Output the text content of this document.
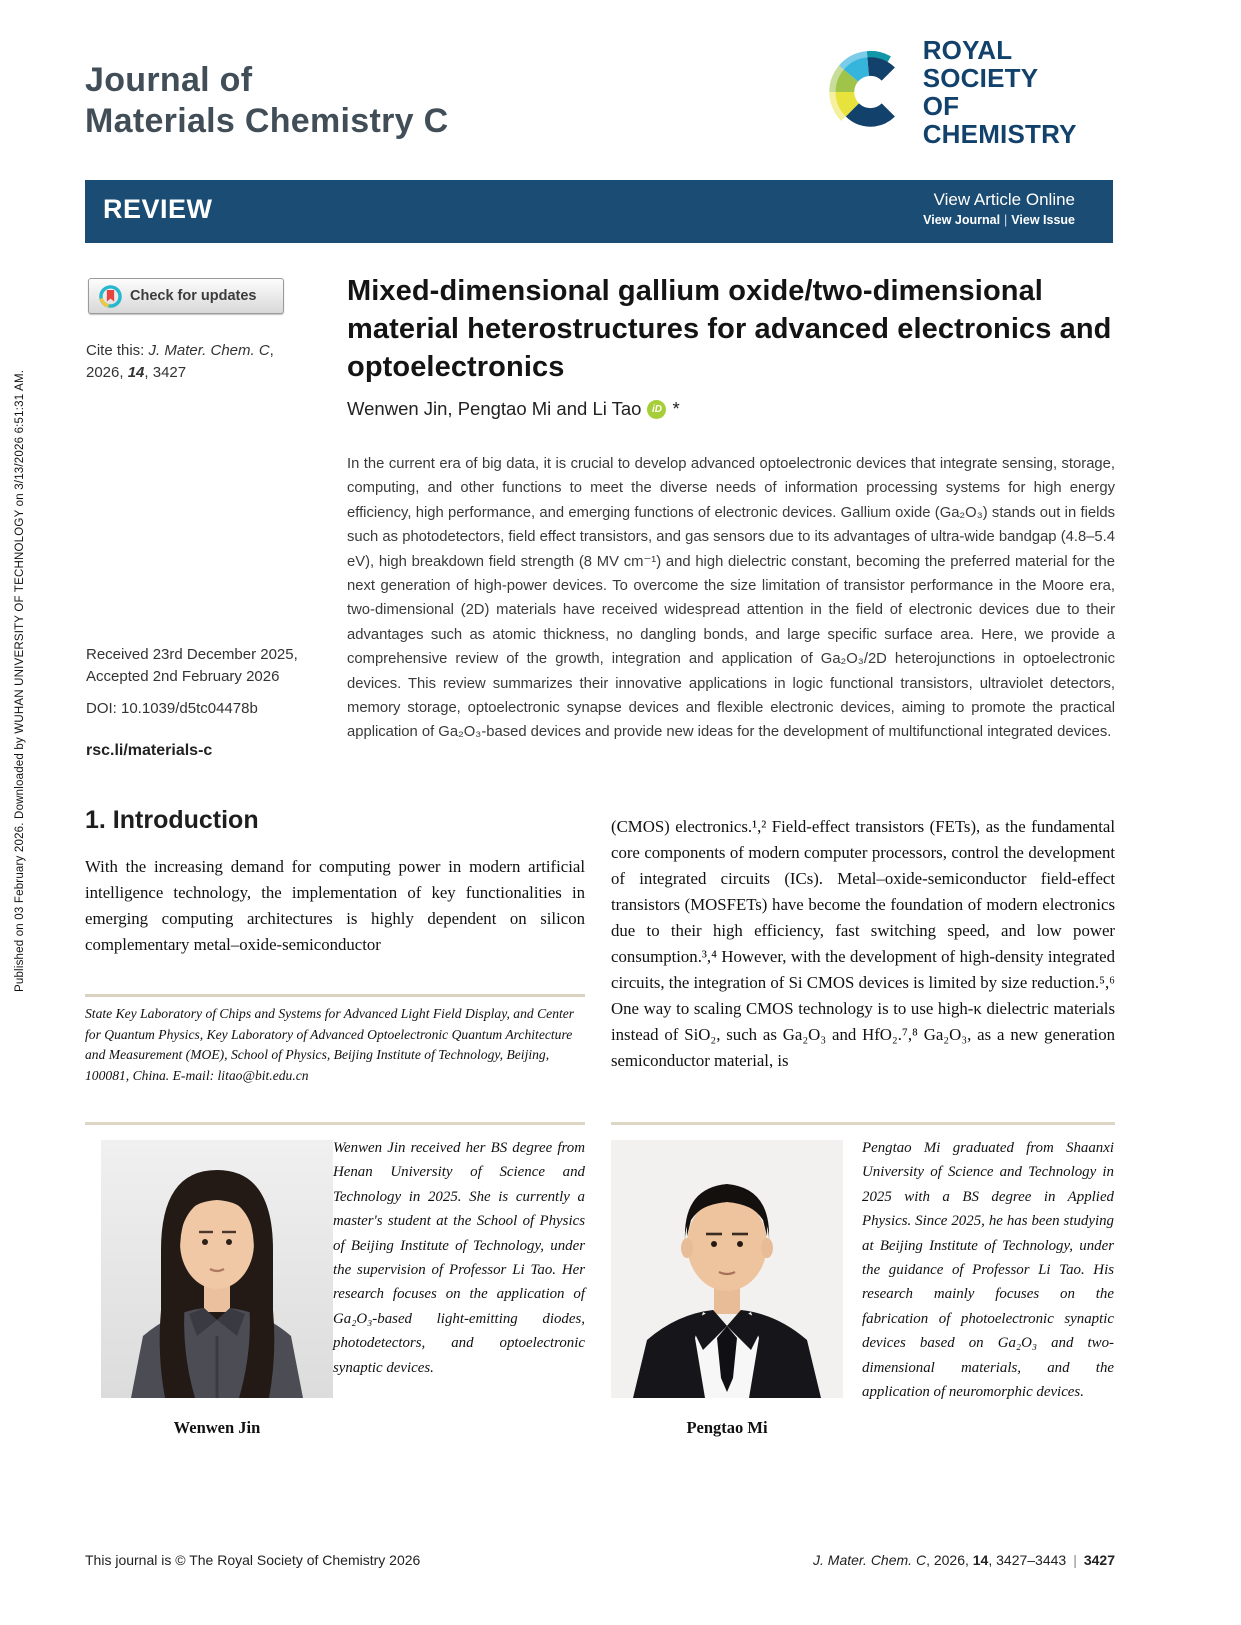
Published on 03 February 2026. Downloaded by WUHAN UNIVERSITY OF TECHNOLOGY on 3/13/2026 6:51:31 AM.
Journal of
Materials Chemistry C
ROYAL SOCIETY
OF CHEMISTRY
REVIEW	View Article Online
View Journal | View Issue
Check for updates
Cite this: J. Mater. Chem. C, 2026, 14, 3427
Received 23rd December 2025,
Accepted 2nd February 2026
DOI: 10.1039/d5tc04478b
rsc.li/materials-c
Mixed-dimensional gallium oxide/two-dimensional material heterostructures for advanced electronics and optoelectronics
Wenwen Jin, Pengtao Mi and Li Tao	iD *

In the current era of big data, it is crucial to develop advanced optoelectronic devices that integrate sensing, storage, computing, and other functions to meet the diverse needs of information processing systems for high energy efficiency, high performance, and emerging functions of electronic devices. Gallium oxide (Ga₂O₃) stands out in fields such as photodetectors, field effect transistors, and gas sensors due to its advantages of ultra-wide bandgap (4.8–5.4 eV), high breakdown field strength (8 MV cm⁻¹) and high dielectric constant, becoming the preferred material for the next generation of high-power devices. To overcome the size limitation of transistor performance in the Moore era, two-dimensional (2D) materials have received widespread attention in the field of electronic devices due to their advantages such as atomic thickness, no dangling bonds, and large specific surface area. Here, we provide a comprehensive review of the growth, integration and application of Ga₂O₃/2D heterojunctions in optoelectronic devices. This review summarizes their innovative applications in logic functional transistors, ultraviolet detectors, memory storage, optoelectronic synapse devices and flexible electronic devices, aiming to promote the practical application of Ga₂O₃-based devices and provide new ideas for the development of multifunctional integrated devices.

1. Introduction

With the increasing demand for computing power in modern artificial intelligence technology, the implementation of key functionalities in emerging computing architectures is highly dependent on silicon complementary metal–oxide-semiconductor

(CMOS) electronics.¹,² Field-effect transistors (FETs), as the fundamental core components of modern computer processors, control the development of integrated circuits (ICs). Metal–oxide-semiconductor field-effect transistors (MOSFETs) have become the foundation of modern electronics due to their high efficiency, fast switching speed, and low power consumption.³,⁴ However, with the development of high-density integrated circuits, the integration of Si CMOS devices is limited by size reduction.⁵,⁶ One way to scaling CMOS technology is to use high-κ dielectric materials instead of SiO₂, such as Ga₂O₃ and HfO₂.⁷,⁸ Ga₂O₃, as a new generation semiconductor material, is

State Key Laboratory of Chips and Systems for Advanced Light Field Display, and Center for Quantum Physics, Key Laboratory of Advanced Optoelectronic Quantum Architecture and Measurement (MOE), School of Physics, Beijing Institute of Technology, Beijing, 100081, China. E-mail: litao@bit.edu.cn

Wenwen Jin

Wenwen Jin received her BS degree from Henan University of Science and Technology in 2025. She is currently a master's student at the School of Physics of Beijing Institute of Technology, under the supervision of Professor Li Tao. Her research focuses on the application of Ga₂O₃-based light-emitting diodes, photodetectors, and optoelectronic synaptic devices.

Pengtao Mi

Pengtao Mi graduated from Shaanxi University of Science and Technology in 2025 with a BS degree in Applied Physics. Since 2025, he has been studying at Beijing Institute of Technology, under the guidance of Professor Li Tao. His research mainly focuses on the fabrication of photoelectronic synaptic devices based on Ga₂O₃ and two-dimensional materials, and the application of neuromorphic devices.

This journal is © The Royal Society of Chemistry 2026	J. Mater. Chem. C, 2026, 14, 3427–3443 | 3427
